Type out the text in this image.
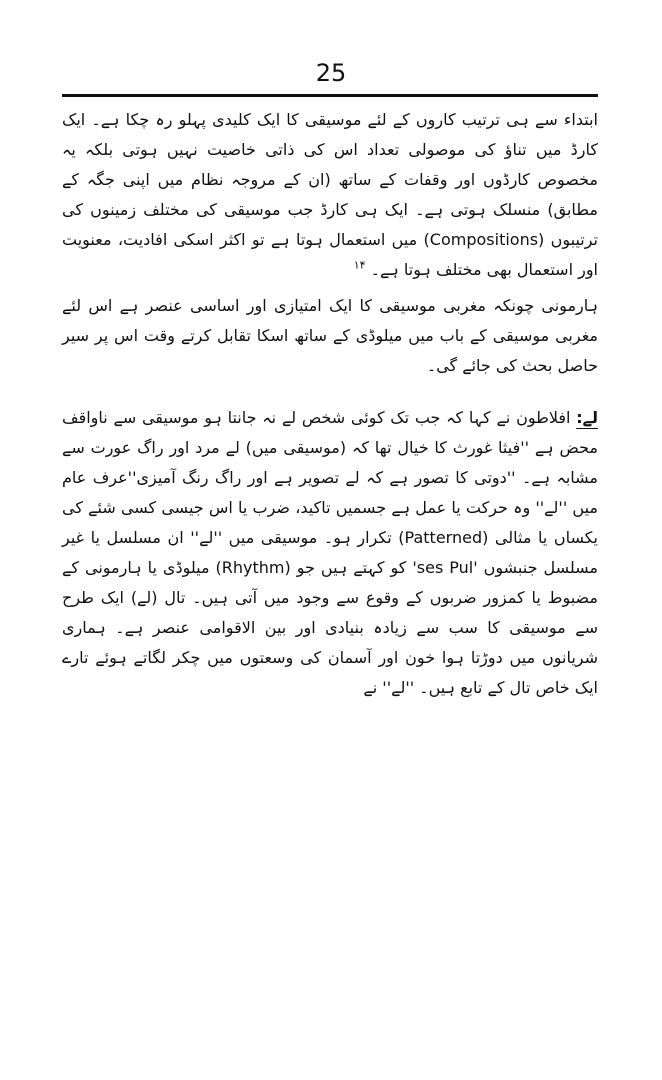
25

ابتداء سے ہی ترتیب کاروں کے لئے موسیقی کا ایک کلیدی پہلو رہ چکا ہے۔ ایک کارڈ میں تناؤ کی موصولی تعداد اس کی ذاتی خاصیت نہیں ہوتی بلکہ یہ مخصوص کارڈوں اور وقفات کے ساتھ (ان کے مروجہ نظام میں اپنی جگہ کے مطابق) منسلک ہوتی ہے۔ ایک ہی کارڈ جب موسیقی کی مختلف زمینوں کی ترتیبوں (Compositions) میں استعمال ہوتا ہے تو اکثر اسکی افادیت، معنویت اور استعمال بھی مختلف ہوتا ہے۔ $^{۱۴}$

ہارمونی چونکہ مغربی موسیقی کا ایک امتیازی اور اساسی عنصر ہے اس لئے مغربی موسیقی کے باب میں میلوڈی کے ساتھ اسکا تقابل کرتے وقت اس پر سیر حاصل بحث کی جائے گی۔

لے: افلاطون نے کہا کہ جب تک کوئی شخص لے نہ جانتا ہو موسیقی سے ناواقف محض ہے ''فیثا غورث کا خیال تھا کہ (موسیقی میں) لے مرد اور راگ عورت سے مشابہ ہے۔ ''دوتی کا تصور ہے کہ لے تصویر ہے اور راگ رنگ آمیزی''عرف عام میں ''لے'' وہ حرکت یا عمل ہے جسمیں تاکید، ضرب یا اس جیسی کسی شئے کی یکساں یا مثالی (Patterned) تکرار ہو۔ موسیقی میں ''لے'' ان مسلسل یا غیر مسلسل جنبشوں 'ses Pul' کو کہتے ہیں جو (Rhythm) میلوڈی یا ہارمونی کے مضبوط یا کمزور ضربوں کے وقوع سے وجود میں آتی ہیں۔ تال (لے) ایک طرح سے موسیقی کا سب سے زیادہ بنیادی اور بین الاقوامی عنصر ہے۔ ہماری شریانوں میں دوڑتا ہوا خون اور آسمان کی وسعتوں میں چکر لگاتے ہوئے تارے ایک خاص تال کے تابع ہیں۔ ''لے'' نے
